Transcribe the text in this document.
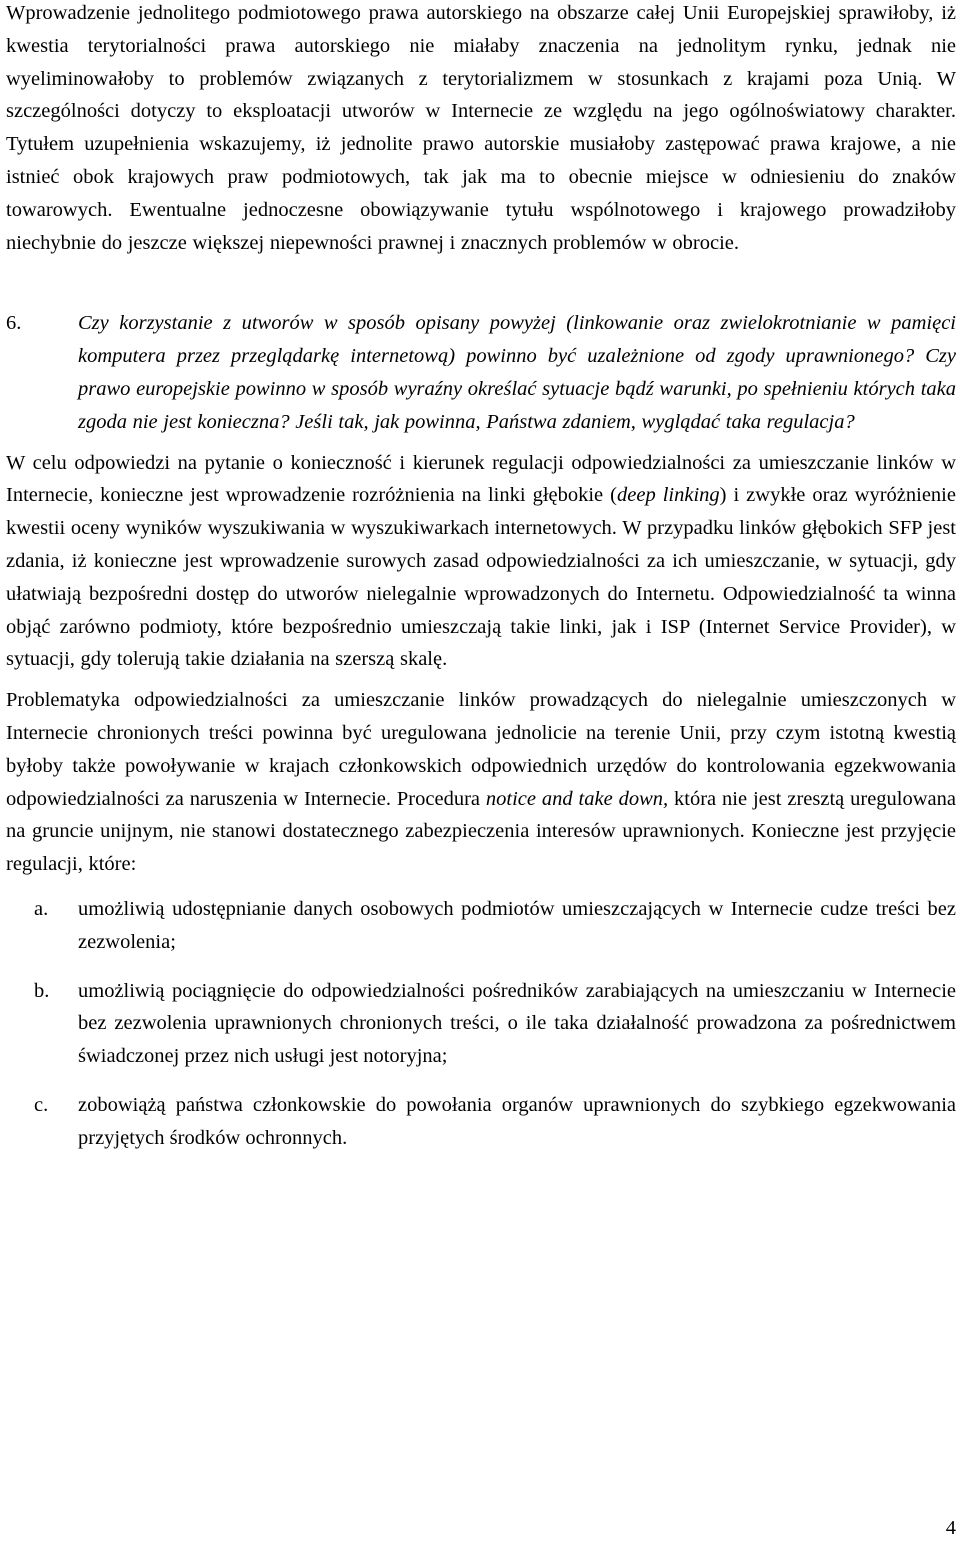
Wprowadzenie jednolitego podmiotowego prawa autorskiego na obszarze całej Unii Europejskiej sprawiłoby, iż kwestia terytorialności prawa autorskiego nie miałaby znaczenia na jednolitym rynku, jednak nie wyeliminowałoby to problemów związanych z terytorializmem w stosunkach z krajami poza Unią. W szczególności dotyczy to eksploatacji utworów w Internecie ze względu na jego ogólnoświatowy charakter. Tytułem uzupełnienia wskazujemy, iż jednolite prawo autorskie musiałoby zastępować prawa krajowe, a nie istnieć obok krajowych praw podmiotowych, tak jak ma to obecnie miejsce w odniesieniu do znaków towarowych. Ewentualne jednoczesne obowiązywanie tytułu wspólnotowego i krajowego prowadziłoby niechybnie do jeszcze większej niepewności prawnej i znacznych problemów w obrocie.

6.	Czy korzystanie z utworów w sposób opisany powyżej (linkowanie oraz zwielokrotnianie w pamięci komputera przez przeglądarkę internetową) powinno być uzależnione od zgody uprawnionego? Czy prawo europejskie powinno w sposób wyraźny określać sytuacje bądź warunki, po spełnieniu których taka zgoda nie jest konieczna? Jeśli tak, jak powinna, Państwa zdaniem, wyglądać taka regulacja?

W celu odpowiedzi na pytanie o konieczność i kierunek regulacji odpowiedzialności za umieszczanie linków w Internecie, konieczne jest wprowadzenie rozróżnienia na linki głębokie (deep linking) i zwykłe oraz wyróżnienie kwestii oceny wyników wyszukiwania w wyszukiwarkach internetowych. W przypadku linków głębokich SFP jest zdania, iż konieczne jest wprowadzenie surowych zasad odpowiedzialności za ich umieszczanie, w sytuacji, gdy ułatwiają bezpośredni dostęp do utworów nielegalnie wprowadzonych do Internetu. Odpowiedzialność ta winna objąć zarówno podmioty, które bezpośrednio umieszczają takie linki, jak i ISP (Internet Service Provider), w sytuacji, gdy tolerują takie działania na szerszą skalę.

Problematyka odpowiedzialności za umieszczanie linków prowadzących do nielegalnie umieszczonych w Internecie chronionych treści powinna być uregulowana jednolicie na terenie Unii, przy czym istotną kwestią byłoby także powoływanie w krajach członkowskich odpowiednich urzędów do kontrolowania egzekwowania odpowiedzialności za naruszenia w Internecie. Procedura notice and take down, która nie jest zresztą uregulowana na gruncie unijnym, nie stanowi dostatecznego zabezpieczenia interesów uprawnionych. Konieczne jest przyjęcie regulacji, które:

a.	umożliwią udostępnianie danych osobowych podmiotów umieszczających w Internecie cudze treści bez zezwolenia;
b.	umożliwią pociągnięcie do odpowiedzialności pośredników zarabiających na umieszczaniu w Internecie bez zezwolenia uprawnionych chronionych treści, o ile taka działalność prowadzona za pośrednictwem świadczonej przez nich usługi jest notoryjna;
c.	zobowiążą państwa członkowskie do powołania organów uprawnionych do szybkiego egzekwowania przyjętych środków ochronnych.
4
